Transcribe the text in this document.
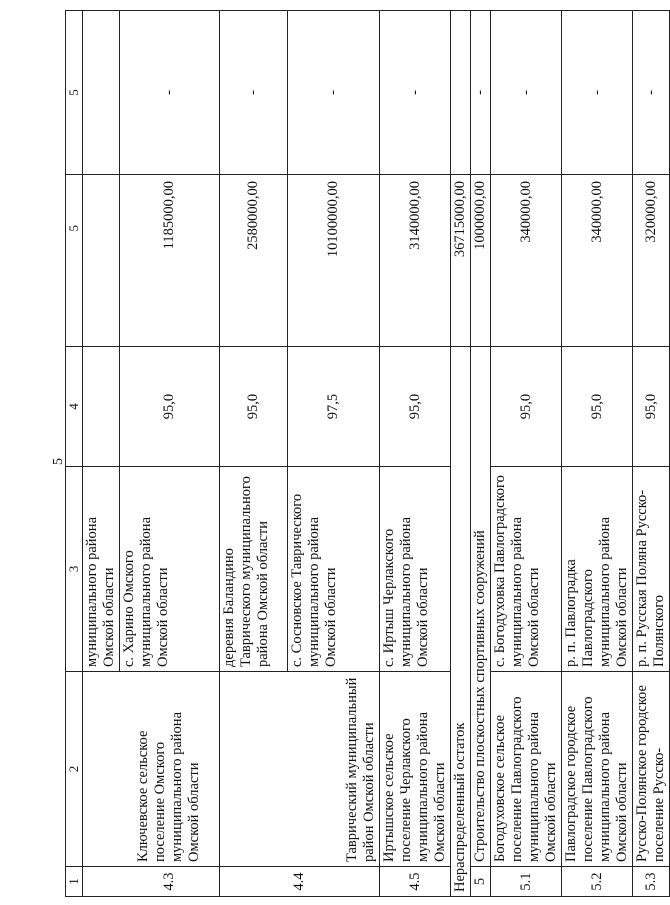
5
1	2	3	4	5	5
		муниципального района Омской области			
4.3	Ключевское сельское поселение Омского муниципального района Омской области	с. Харино Омского муниципального района Омской области	95,0	1185000,00	-
4.4	Таврический муниципальный район Омской области	деревня Баландино Таврического муниципального района Омской области	95,0	2580000,00	-
		с. Сосновское Таврического муниципального района Омской области	97,5	10100000,00	-
4.5	Иртышское сельское поселение Черлакского муниципального района Омской области	с. Иртыш Черлакского муниципального района Омской области	95,0	3140000,00	-
Нераспределенный остаток				36715000,00	
5	Строительство плоскостных спортивных сооружений			1000000,00	-
5.1	Богодуховское сельское поселение Павлоградского муниципального района Омской области	с. Богодуховка Павлоградского муниципального района Омской области	95,0	340000,00	-
5.2	Павлоградское городское поселение Павлоградского муниципального района Омской области	р. п. Павлоградка Павлоградского муниципального района Омской области	95,0	340000,00	-
5.3	Русско-Полянское городское поселение Русско-	р. п. Русская Поляна Русско-Полянского	95,0	320000,00	-
